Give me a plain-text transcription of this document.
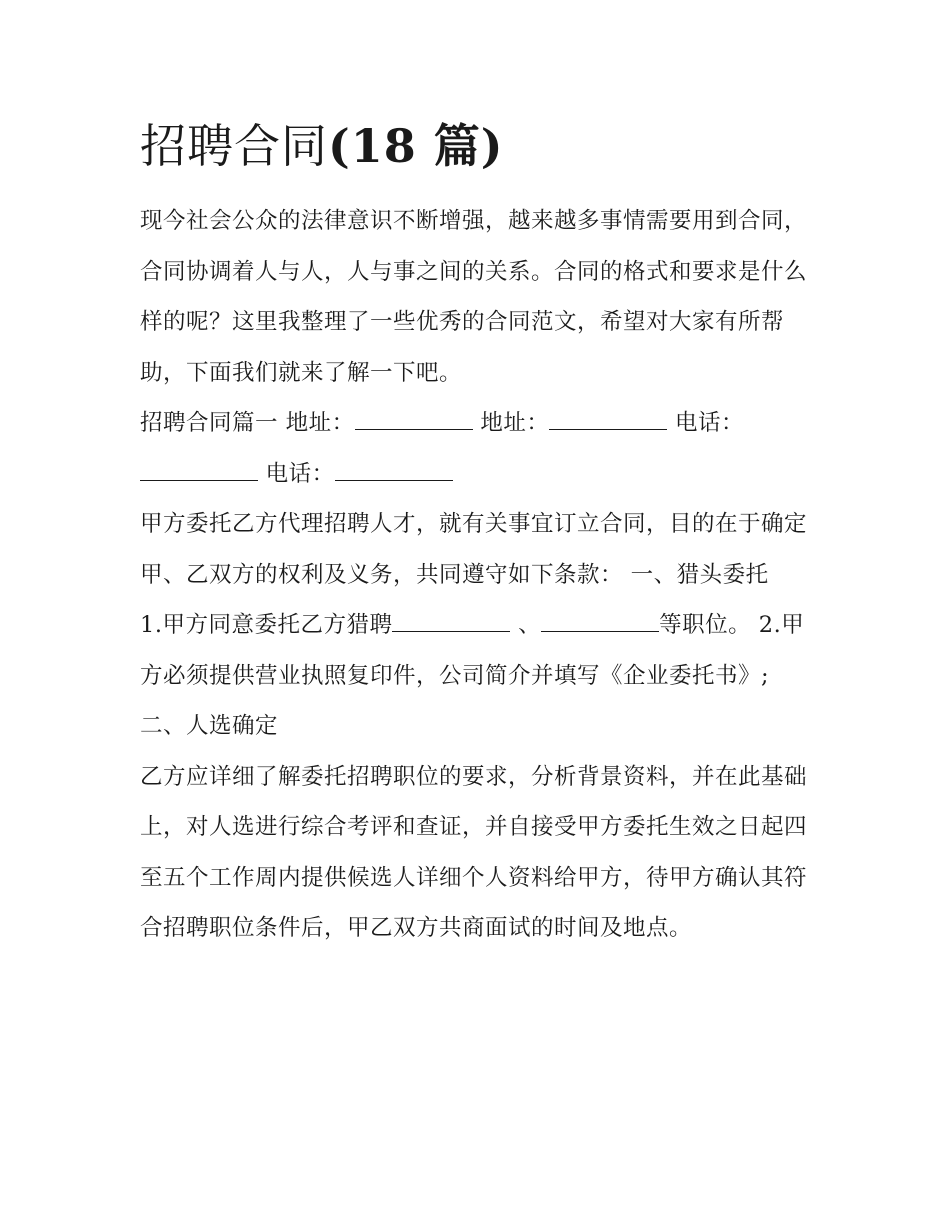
招聘合同(18 篇)

现今社会公众的法律意识不断增强，越来越多事情需要用到合同，合同协调着人与人，人与事之间的关系。合同的格式和要求是什么样的呢？这里我整理了一些优秀的合同范文，希望对大家有所帮助，下面我们就来了解一下吧。

招聘合同篇一 地址：	地址：	电话：  电话：

甲方委托乙方代理招聘人才，就有关事宜订立合同，目的在于确定甲、乙双方的权利及义务，共同遵守如下条款： 一、猎头委托

1.甲方同意委托乙方猎聘	、	等职位。 2.甲方必须提供营业执照复印件，公司简介并填写《企业委托书》;

二、人选确定

乙方应详细了解委托招聘职位的要求，分析背景资料，并在此基础上，对人选进行综合考评和查证，并自接受甲方委托生效之日起四至五个工作周内提供候选人详细个人资料给甲方，待甲方确认其符合招聘职位条件后，甲乙双方共商面试的时间及地点。
